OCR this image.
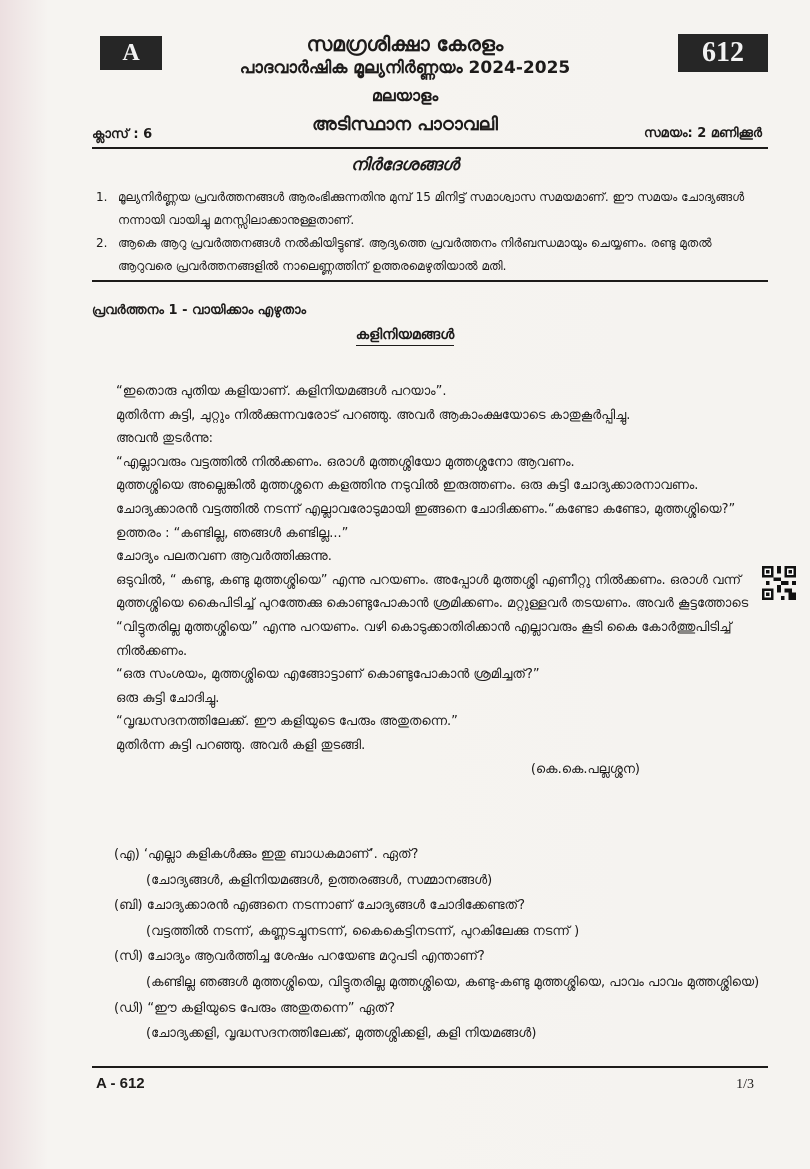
A	612
സമഗ്രശിക്ഷാ കേരളം
പാദവാർഷിക മൂല്യനിർണ്ണയം 2024-2025
മലയാളം
അടിസ്ഥാന പാഠാവലി
ക്ലാസ് : 6	സമയം: 2 മണിക്കൂർ
നിർദേശങ്ങൾ
1. മൂല്യനിർണ്ണയ പ്രവർത്തനങ്ങൾ ആരംഭിക്കുന്നതിനു മുമ്പ് 15 മിനിട്ട് സമാശ്വാസ സമയമാണ്. ഈ സമയം ചോദ്യങ്ങൾ നന്നായി വായിച്ചു മനസ്സിലാക്കാനുള്ളതാണ്.
2. ആകെ ആറു പ്രവർത്തനങ്ങൾ നൽകിയിട്ടുണ്ട്. ആദ്യത്തെ പ്രവർത്തനം നിർബന്ധമായും ചെയ്യണം. രണ്ടു മുതൽ ആറുവരെ പ്രവർത്തനങ്ങളിൽ നാലെണ്ണത്തിന് ഉത്തരമെഴുതിയാൽ മതി.
പ്രവർത്തനം 1 - വായിക്കാം എഴുതാം
കളിനിയമങ്ങൾ

“ഇതൊരു പുതിയ കളിയാണ്. കളിനിയമങ്ങൾ പറയാം”.

മുതിർന്ന കുട്ടി, ചുറ്റും നിൽക്കുന്നവരോട് പറഞ്ഞു. അവർ ആകാംക്ഷയോടെ കാതുകൂർപ്പിച്ചു.

അവൻ തുടർന്നു:

“എല്ലാവരും വട്ടത്തിൽ നിൽക്കണം. ഒരാൾ മുത്തശ്ശിയോ മുത്തശ്ശനോ ആവണം.

മുത്തശ്ശിയെ അല്ലെങ്കിൽ മുത്തശ്ശനെ കളത്തിനു നടുവിൽ ഇരുത്തണം. ഒരു കുട്ടി ചോദ്യക്കാരനാവണം. ചോദ്യക്കാരൻ വട്ടത്തിൽ നടന്ന് എല്ലാവരോടുമായി ഇങ്ങനെ ചോദിക്കണം.“കണ്ടോ കണ്ടോ, മുത്തശ്ശിയെ?”

ഉത്തരം : “കണ്ടില്ല, ഞങ്ങൾ കണ്ടില്ല...”

ചോദ്യം പലതവണ ആവർത്തിക്കുന്നു.

ഒടുവിൽ, “ കണ്ടു, കണ്ടു മുത്തശ്ശിയെ” എന്നു പറയണം. അപ്പോൾ മുത്തശ്ശി എണീറ്റു നിൽക്കണം. ഒരാൾ വന്ന് മുത്തശ്ശിയെ കൈപിടിച്ച് പുറത്തേക്കു കൊണ്ടുപോകാൻ ശ്രമിക്കണം. മറ്റുള്ളവർ തടയണം. അവർ കൂട്ടത്തോടെ “വിട്ടുതരില്ല മുത്തശ്ശിയെ” എന്നു പറയണം. വഴി കൊടുക്കാതിരിക്കാൻ എല്ലാവരും കൂടി കൈ കോർത്തുപിടിച്ച് നിൽക്കണം.

“ഒരു സംശയം, മുത്തശ്ശിയെ എങ്ങോട്ടാണ് കൊണ്ടുപോകാൻ ശ്രമിച്ചത്?”

ഒരു കുട്ടി ചോദിച്ചു.

“വൃദ്ധസദനത്തിലേക്ക്. ഈ കളിയുടെ പേരും അതുതന്നെ.”

മുതിർന്ന കുട്ടി പറഞ്ഞു. അവർ കളി തുടങ്ങി.

(കെ.കെ.പല്ലശ്ശന)

(എ) ‘എല്ലാ കളികൾക്കും ഇതു ബാധകമാണ്’. ഏത്?
(ചോദ്യങ്ങൾ, കളിനിയമങ്ങൾ, ഉത്തരങ്ങൾ, സമ്മാനങ്ങൾ)
(ബി) ചോദ്യക്കാരൻ എങ്ങനെ നടന്നാണ് ചോദ്യങ്ങൾ ചോദിക്കേണ്ടത്?
(വട്ടത്തിൽ നടന്ന്, കണ്ണടച്ചുനടന്ന്, കൈകെട്ടിനടന്ന്, പുറകിലേക്കു നടന്ന് )
(സി) ചോദ്യം ആവർത്തിച്ച ശേഷം പറയേണ്ട മറുപടി എന്താണ്?
(കണ്ടില്ല ഞങ്ങൾ മുത്തശ്ശിയെ, വിട്ടുതരില്ല മുത്തശ്ശിയെ, കണ്ടു-കണ്ടു മുത്തശ്ശിയെ, പാവം പാവം മുത്തശ്ശിയെ)
(ഡി) “ഈ കളിയുടെ പേരും അതുതന്നെ” ഏത്?
(ചോദ്യക്കളി, വൃദ്ധസദനത്തിലേക്ക്, മുത്തശ്ശിക്കളി, കളി നിയമങ്ങൾ)
A - 612	1/3
